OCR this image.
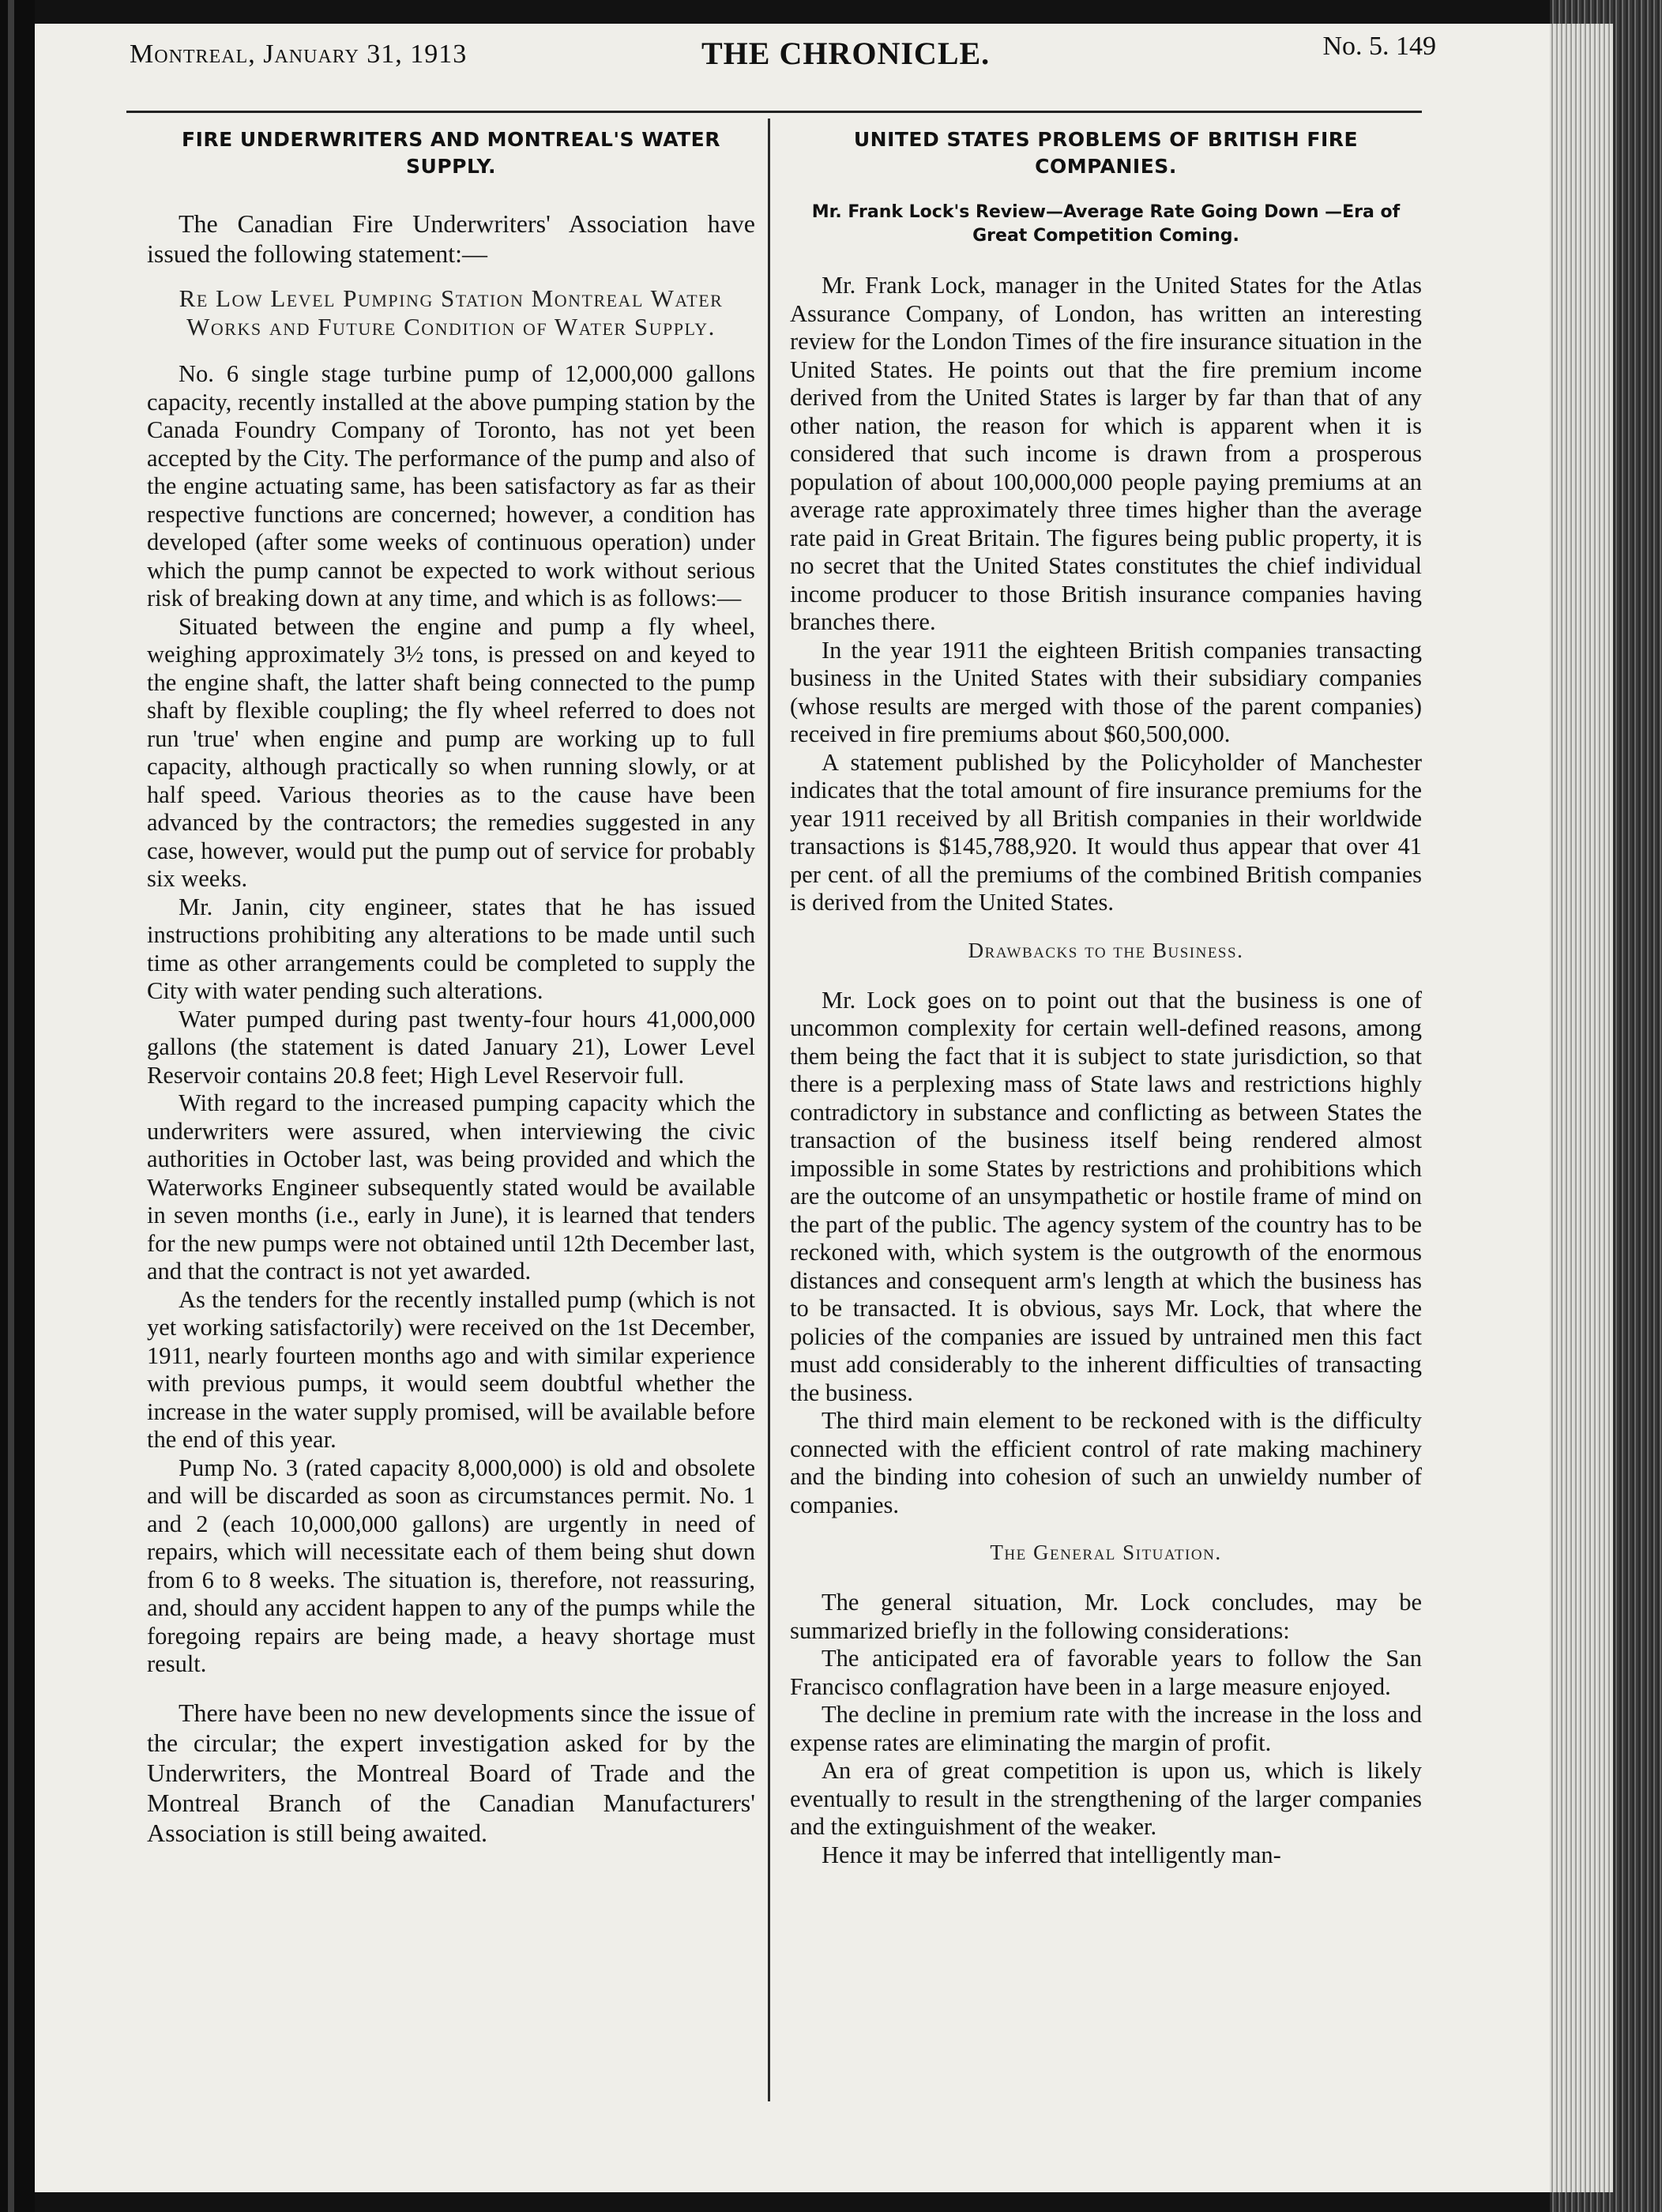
Montreal, January 31, 1913	THE CHRONICLE.	No. 5. 149
FIRE UNDERWRITERS AND MONTREAL'S WATER SUPPLY.

The Canadian Fire Underwriters' Association have issued the following statement:—

Re Low Level Pumping Station Montreal Water Works and Future Condition of Water Supply.

No. 6 single stage turbine pump of 12,000,000 gallons capacity, recently installed at the above pumping station by the Canada Foundry Company of Toronto, has not yet been accepted by the City. The performance of the pump and also of the engine actuating same, has been satisfactory as far as their respective functions are concerned; however, a condition has developed (after some weeks of continuous operation) under which the pump cannot be expected to work without serious risk of breaking down at any time, and which is as follows:—

Situated between the engine and pump a fly wheel, weighing approximately 3½ tons, is pressed on and keyed to the engine shaft, the latter shaft being connected to the pump shaft by flexible coupling; the fly wheel referred to does not run 'true' when engine and pump are working up to full capacity, although practically so when running slowly, or at half speed. Various theories as to the cause have been advanced by the contractors; the remedies suggested in any case, however, would put the pump out of service for probably six weeks.

Mr. Janin, city engineer, states that he has issued instructions prohibiting any alterations to be made until such time as other arrangements could be completed to supply the City with water pending such alterations.

Water pumped during past twenty-four hours 41,000,000 gallons (the statement is dated January 21), Lower Level Reservoir contains 20.8 feet; High Level Reservoir full.

With regard to the increased pumping capacity which the underwriters were assured, when interviewing the civic authorities in October last, was being provided and which the Waterworks Engineer subsequently stated would be available in seven months (i.e., early in June), it is learned that tenders for the new pumps were not obtained until 12th December last, and that the contract is not yet awarded.

As the tenders for the recently installed pump (which is not yet working satisfactorily) were received on the 1st December, 1911, nearly fourteen months ago and with similar experience with previous pumps, it would seem doubtful whether the increase in the water supply promised, will be available before the end of this year.

Pump No. 3 (rated capacity 8,000,000) is old and obsolete and will be discarded as soon as circumstances permit. No. 1 and 2 (each 10,000,000 gallons) are urgently in need of repairs, which will necessitate each of them being shut down from 6 to 8 weeks. The situation is, therefore, not reassuring, and, should any accident happen to any of the pumps while the foregoing repairs are being made, a heavy shortage must result.

There have been no new developments since the issue of the circular; the expert investigation asked for by the Underwriters, the Montreal Board of Trade and the Montreal Branch of the Canadian Manufacturers' Association is still being awaited.

UNITED STATES PROBLEMS OF BRITISH FIRE COMPANIES.
Mr. Frank Lock's Review—Average Rate Going Down —Era of Great Competition Coming.

Mr. Frank Lock, manager in the United States for the Atlas Assurance Company, of London, has written an interesting review for the London Times of the fire insurance situation in the United States. He points out that the fire premium income derived from the United States is larger by far than that of any other nation, the reason for which is apparent when it is considered that such income is drawn from a prosperous population of about 100,000,000 people paying premiums at an average rate approximately three times higher than the average rate paid in Great Britain. The figures being public property, it is no secret that the United States constitutes the chief individual income producer to those British insurance companies having branches there.

In the year 1911 the eighteen British companies transacting business in the United States with their subsidiary companies (whose results are merged with those of the parent companies) received in fire premiums about $60,500,000.

A statement published by the Policyholder of Manchester indicates that the total amount of fire insurance premiums for the year 1911 received by all British companies in their worldwide transactions is $145,788,920. It would thus appear that over 41 per cent. of all the premiums of the combined British companies is derived from the United States.

Drawbacks to the Business.

Mr. Lock goes on to point out that the business is one of uncommon complexity for certain well-defined reasons, among them being the fact that it is subject to state jurisdiction, so that there is a perplexing mass of State laws and restrictions highly contradictory in substance and conflicting as between States the transaction of the business itself being rendered almost impossible in some States by restrictions and prohibitions which are the outcome of an unsympathetic or hostile frame of mind on the part of the public. The agency system of the country has to be reckoned with, which system is the outgrowth of the enormous distances and consequent arm's length at which the business has to be transacted. It is obvious, says Mr. Lock, that where the policies of the companies are issued by untrained men this fact must add considerably to the inherent difficulties of transacting the business.

The third main element to be reckoned with is the difficulty connected with the efficient control of rate making machinery and the binding into cohesion of such an unwieldy number of companies.

The General Situation.

The general situation, Mr. Lock concludes, may be summarized briefly in the following considerations:

The anticipated era of favorable years to follow the San Francisco conflagration have been in a large measure enjoyed.

The decline in premium rate with the increase in the loss and expense rates are eliminating the margin of profit.

An era of great competition is upon us, which is likely eventually to result in the strengthening of the larger companies and the extinguishment of the weaker.

Hence it may be inferred that intelligently man-
